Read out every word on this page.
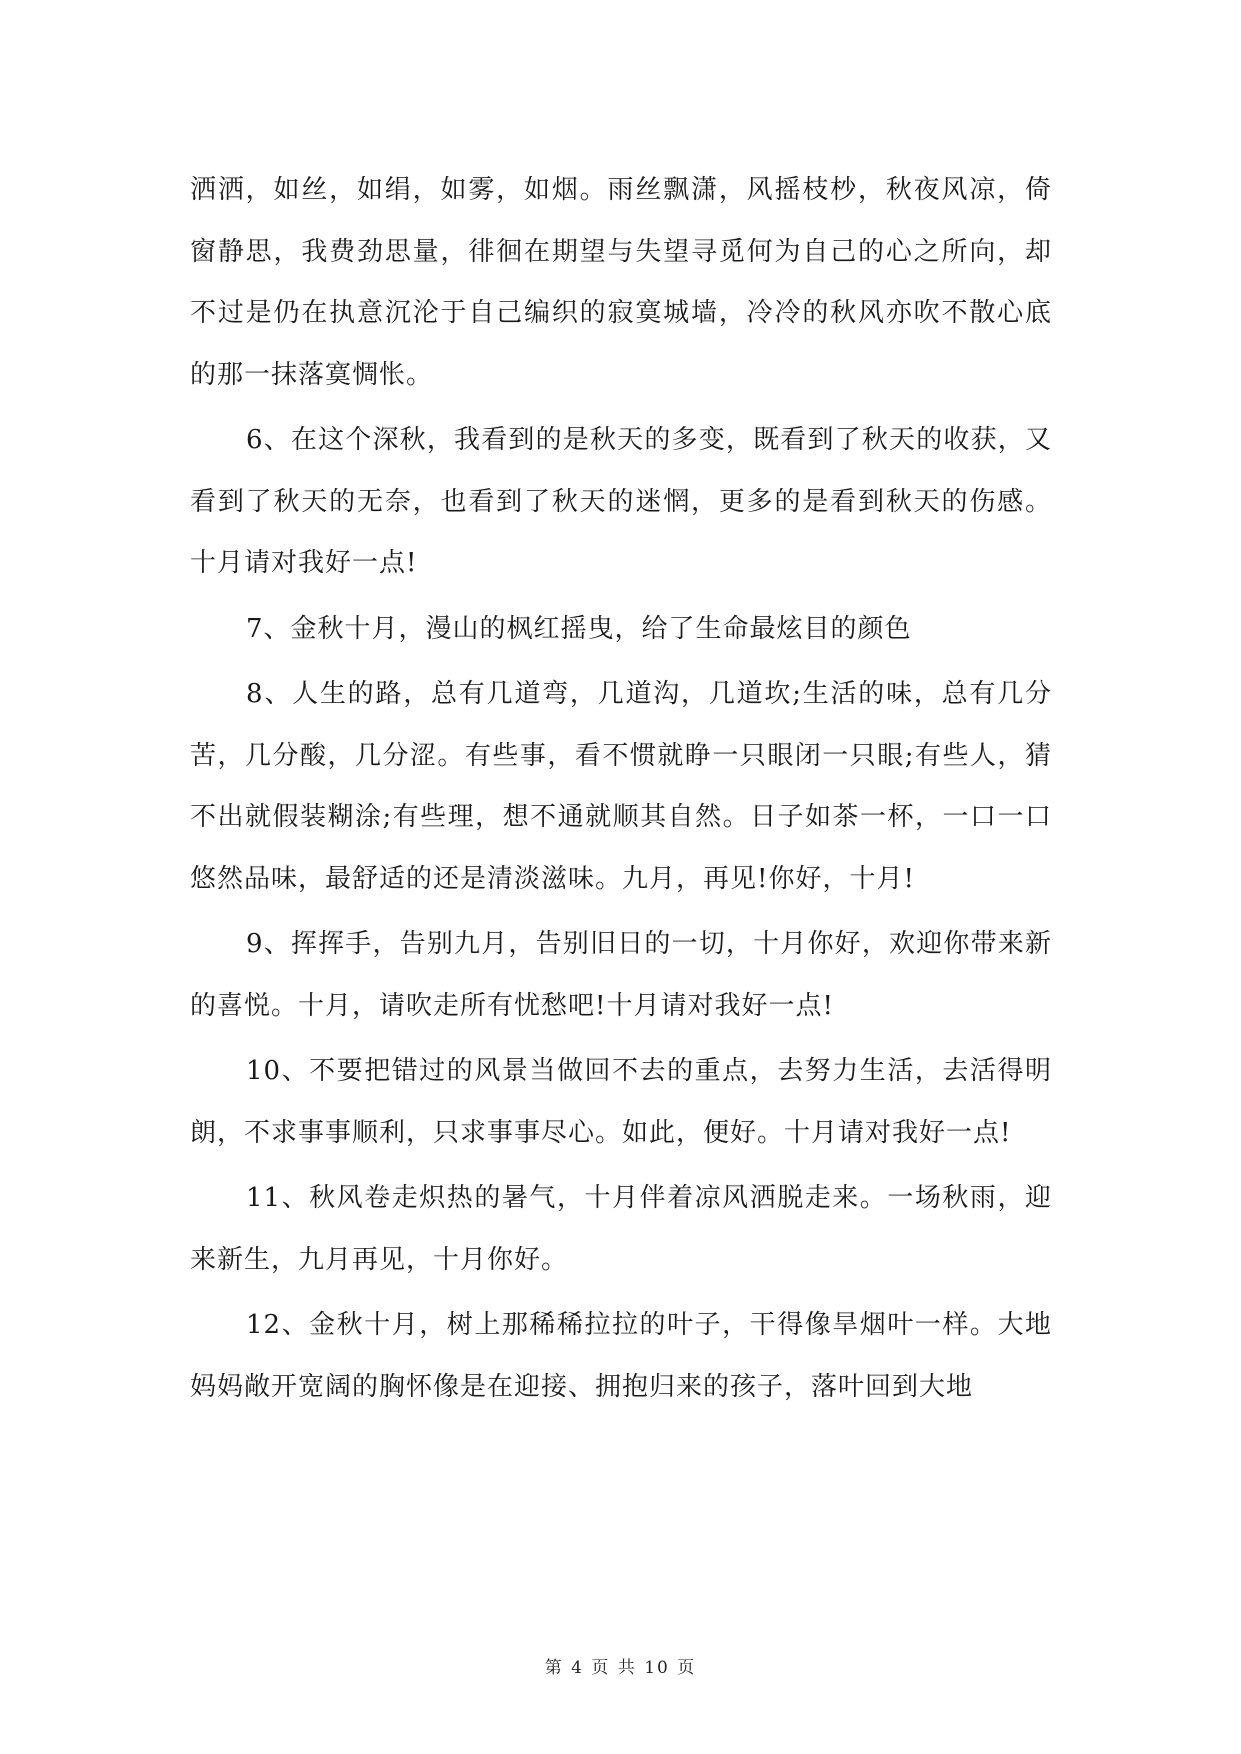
洒洒，如丝，如绢，如雾，如烟。雨丝飘潇，风摇枝杪，秋夜风凉，倚窗静思，我费劲思量，徘徊在期望与失望寻觅何为自己的心之所向，却不过是仍在执意沉沦于自己编织的寂寞城墙，冷冷的秋风亦吹不散心底的那一抹落寞惆怅。

6、在这个深秋，我看到的是秋天的多变，既看到了秋天的收获，又看到了秋天的无奈，也看到了秋天的迷惘，更多的是看到秋天的伤感。十月请对我好一点!

7、金秋十月，漫山的枫红摇曳，给了生命最炫目的颜色

8、人生的路，总有几道弯，几道沟，几道坎;生活的味，总有几分苦，几分酸，几分涩。有些事，看不惯就睁一只眼闭一只眼;有些人，猜不出就假装糊涂;有些理，想不通就顺其自然。日子如茶一杯，一口一口悠然品味，最舒适的还是清淡滋味。九月，再见!你好，十月!

9、挥挥手，告别九月，告别旧日的一切，十月你好，欢迎你带来新的喜悦。十月，请吹走所有忧愁吧!十月请对我好一点!

10、不要把错过的风景当做回不去的重点，去努力生活，去活得明朗，不求事事顺利，只求事事尽心。如此，便好。十月请对我好一点!

11、秋风卷走炽热的暑气，十月伴着凉风洒脱走来。一场秋雨，迎来新生，九月再见，十月你好。

12、金秋十月，树上那稀稀拉拉的叶子，干得像旱烟叶一样。大地妈妈敞开宽阔的胸怀像是在迎接、拥抱归来的孩子，落叶回到大地

第 4 页 共 10 页
